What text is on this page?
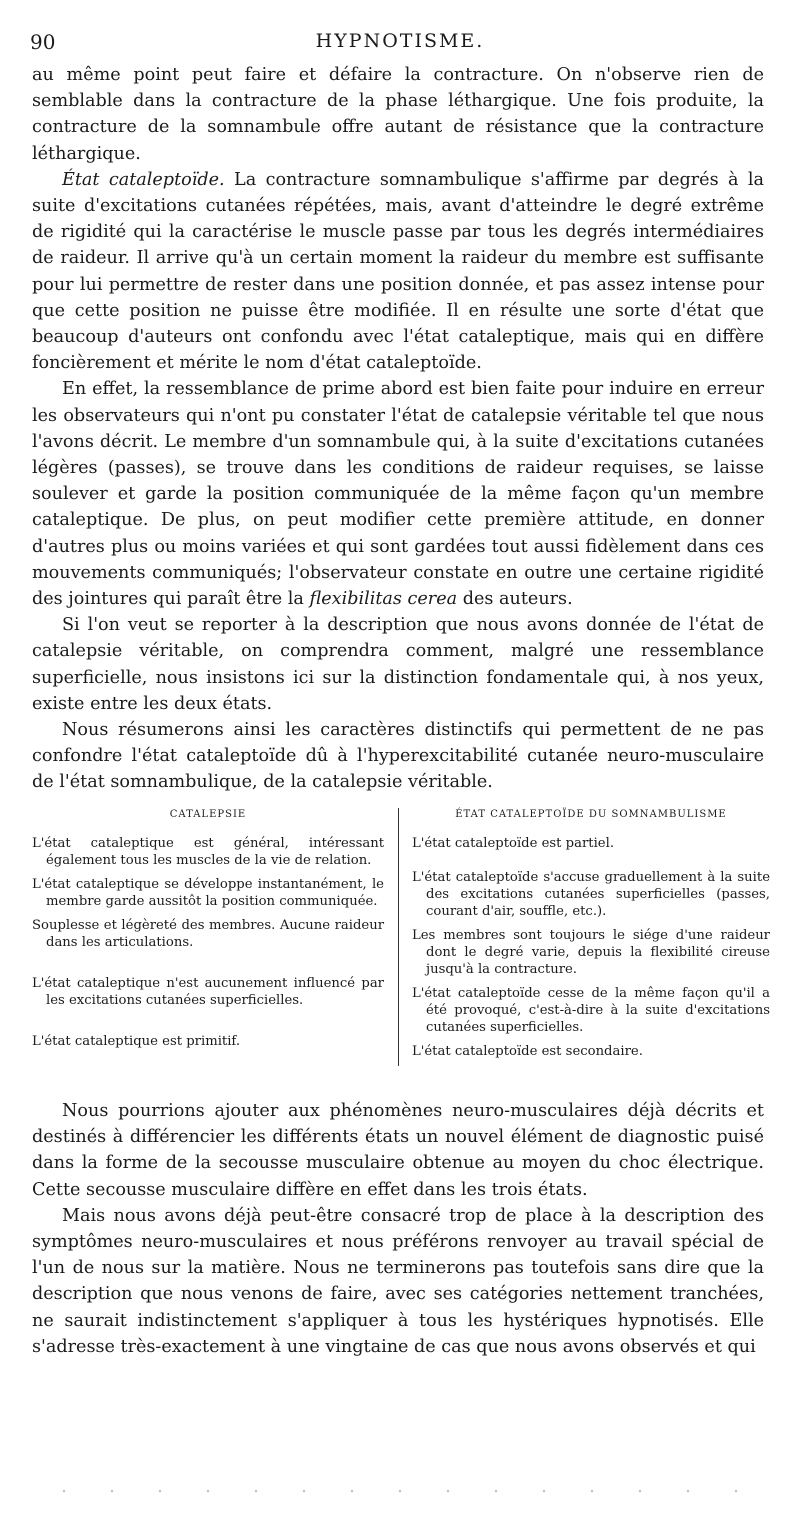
90	HYPNOTISME.

au même point peut faire et défaire la contracture. On n'observe rien de semblable dans la contracture de la phase léthargique. Une fois produite, la contracture de la somnambule offre autant de résistance que la contracture léthargique.

État cataleptoïde. La contracture somnambulique s'affirme par degrés à la suite d'excitations cutanées répétées, mais, avant d'atteindre le degré extrême de rigidité qui la caractérise le muscle passe par tous les degrés intermédiaires de raideur. Il arrive qu'à un certain moment la raideur du membre est suffisante pour lui permettre de rester dans une position donnée, et pas assez intense pour que cette position ne puisse être modifiée. Il en résulte une sorte d'état que beaucoup d'auteurs ont confondu avec l'état cataleptique, mais qui en diffère foncièrement et mérite le nom d'état cataleptoïde.

En effet, la ressemblance de prime abord est bien faite pour induire en erreur les observateurs qui n'ont pu constater l'état de catalepsie véritable tel que nous l'avons décrit. Le membre d'un somnambule qui, à la suite d'excitations cutanées légères (passes), se trouve dans les conditions de raideur requises, se laisse soulever et garde la position communiquée de la même façon qu'un membre cataleptique. De plus, on peut modifier cette première attitude, en donner d'autres plus ou moins variées et qui sont gardées tout aussi fidèlement dans ces mouvements communiqués; l'observateur constate en outre une certaine rigidité des jointures qui paraît être la flexibilitas cerea des auteurs.

Si l'on veut se reporter à la description que nous avons donnée de l'état de catalepsie véritable, on comprendra comment, malgré une ressemblance superficielle, nous insistons ici sur la distinction fondamentale qui, à nos yeux, existe entre les deux états.

Nous résumerons ainsi les caractères distinctifs qui permettent de ne pas confondre l'état cataleptoïde dû à l'hyperexcitabilité cutanée neuro-musculaire de l'état somnambulique, de la catalepsie véritable.

CATALEPSIE

L'état cataleptique est général, intéressant également tous les muscles de la vie de relation.

L'état cataleptique se développe instantanément, le membre garde aussitôt la position communiquée.

Souplesse et légèreté des membres. Aucune raideur dans les articulations.

L'état cataleptique n'est aucunement influencé par les excitations cutanées superficielles.

L'état cataleptique est primitif.

ÉTAT CATALEPTOÏDE DU SOMNAMBULISME

L'état cataleptoïde est partiel.

L'état cataleptoïde s'accuse graduellement à la suite des excitations cutanées superficielles (passes, courant d'air, souffle, etc.).

Les membres sont toujours le siége d'une raideur dont le degré varie, depuis la flexibilité cireuse jusqu'à la contracture.

L'état cataleptoïde cesse de la même façon qu'il a été provoqué, c'est-à-dire à la suite d'excitations cutanées superficielles.

L'état cataleptoïde est secondaire.

Nous pourrions ajouter aux phénomènes neuro-musculaires déjà décrits et destinés à différencier les différents états un nouvel élément de diagnostic puisé dans la forme de la secousse musculaire obtenue au moyen du choc électrique. Cette secousse musculaire diffère en effet dans les trois états.

Mais nous avons déjà peut-être consacré trop de place à la description des symptômes neuro-musculaires et nous préférons renvoyer au travail spécial de l'un de nous sur la matière. Nous ne terminerons pas toutefois sans dire que la description que nous venons de faire, avec ses catégories nettement tranchées, ne saurait indistinctement s'appliquer à tous les hystériques hypnotisés. Elle s'adresse très-exactement à une vingtaine de cas que nous avons observés et qui
